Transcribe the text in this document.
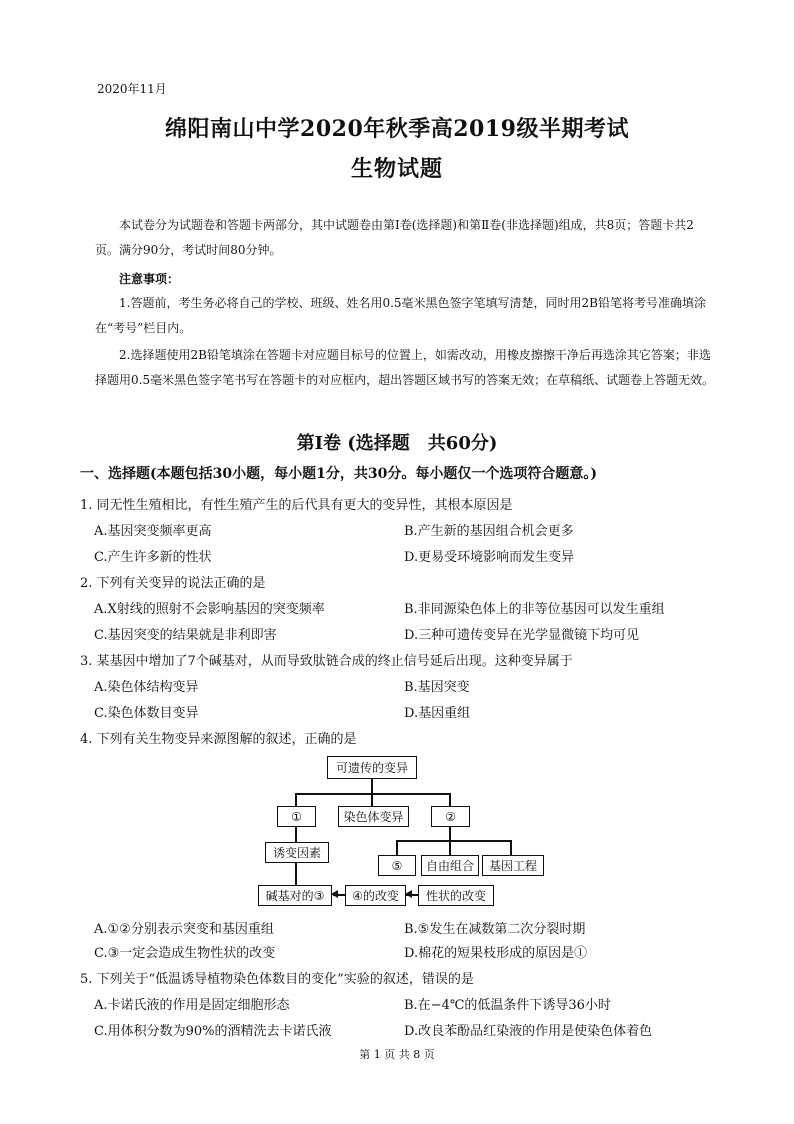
2020年11月
绵阳南山中学2020年秋季高2019级半期考试
生物试题
本试卷分为试题卷和答题卡两部分，其中试题卷由第Ⅰ卷(选择题)和第Ⅱ卷(非选择题)组成，共8页；答题卡共2页。满分90分，考试时间80分钟。
注意事项：
1.答题前，考生务必将自己的学校、班级、姓名用0.5毫米黑色签字笔填写清楚，同时用2B铅笔将考号准确填涂在“考号”栏目内。
2.选择题使用2B铅笔填涂在答题卡对应题目标号的位置上，如需改动，用橡皮擦擦干净后再选涂其它答案；非选择题用0.5毫米黑色签字笔书写在答题卡的对应框内，超出答题区域书写的答案无效；在草稿纸、试题卷上答题无效。
第Ⅰ卷 (选择题　共60分)
一、选择题(本题包括30小题，每小题1分，共30分。每小题仅一个选项符合题意。)
1. 同无性生殖相比，有性生殖产生的后代具有更大的变异性，其根本原因是
A.基因突变频率更高	B.产生新的基因组合机会更多
C.产生许多新的性状	D.更易受环境影响而发生变异
2. 下列有关变异的说法正确的是
A.X射线的照射不会影响基因的突变频率	B.非同源染色体上的非等位基因可以发生重组
C.基因突变的结果就是非利即害	D.三种可遗传变异在光学显微镜下均可见
3. 某基因中增加了7个碱基对，从而导致肽链合成的终止信号延后出现。这种变异属于
A.染色体结构变异	B.基因突变
C.染色体数目变异	D.基因重组
4. 下列有关生物变异来源图解的叙述，正确的是
可遗传的变异
①	染色体变异	②
诱变因素
⑤ 自由组合 基因工程
碱基对的③ ④的改变 性状的改变
A.①②分别表示突变和基因重组	B.⑤发生在减数第二次分裂时期
C.③一定会造成生物性状的改变	D.棉花的短果枝形成的原因是①
5. 下列关于“低温诱导植物染色体数目的变化”实验的叙述，错误的是
A.卡诺氏液的作用是固定细胞形态	B.在−4℃的低温条件下诱导36小时
C.用体积分数为90%的酒精洗去卡诺氏液	D.改良苯酚品红染液的作用是使染色体着色
第 1 页 共 8 页
